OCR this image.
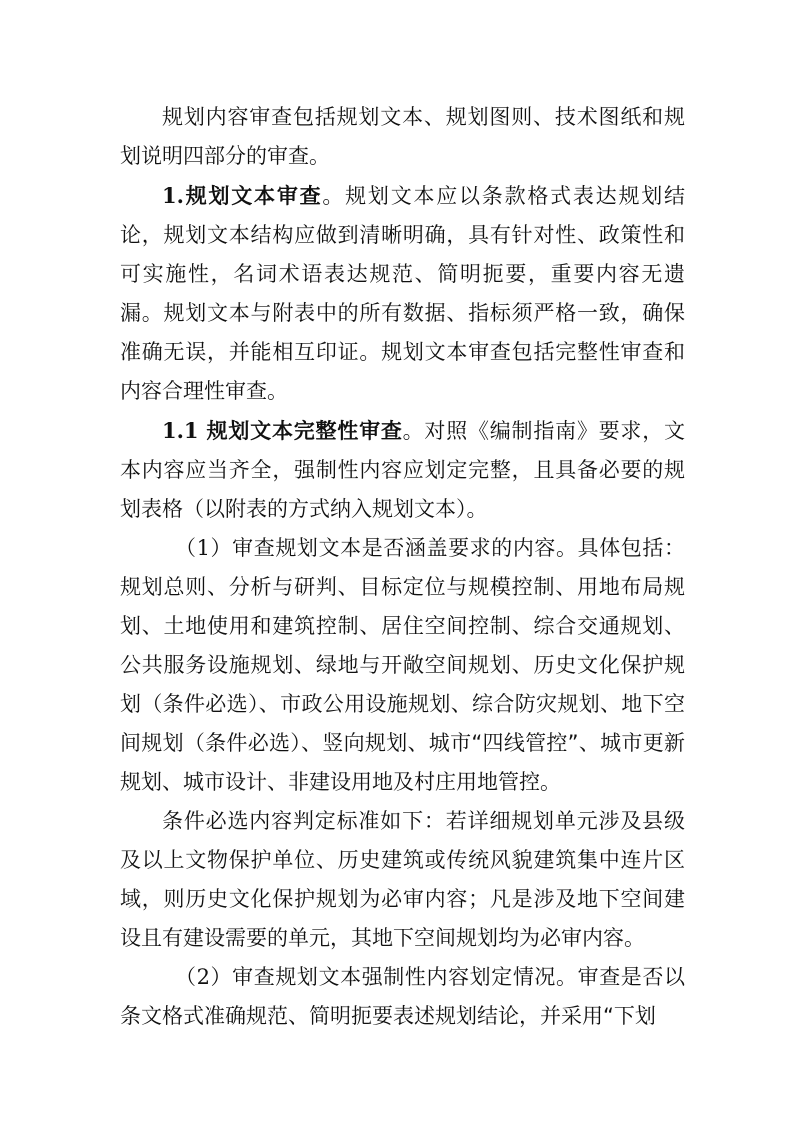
规划内容审查包括规划文本、规划图则、技术图纸和规划说明四部分的审查。

1.规划文本审查。规划文本应以条款格式表达规划结论，规划文本结构应做到清晰明确，具有针对性、政策性和可实施性，名词术语表达规范、简明扼要，重要内容无遗漏。规划文本与附表中的所有数据、指标须严格一致，确保准确无误，并能相互印证。规划文本审查包括完整性审查和内容合理性审查。

1.1 规划文本完整性审查。对照《编制指南》要求，文本内容应当齐全，强制性内容应划定完整，且具备必要的规划表格（以附表的方式纳入规划文本）。

（1）审查规划文本是否涵盖要求的内容。具体包括：规划总则、分析与研判、目标定位与规模控制、用地布局规划、土地使用和建筑控制、居住空间控制、综合交通规划、公共服务设施规划、绿地与开敞空间规划、历史文化保护规划（条件必选）、市政公用设施规划、综合防灾规划、地下空间规划（条件必选）、竖向规划、城市“四线管控”、城市更新规划、城市设计、非建设用地及村庄用地管控。

条件必选内容判定标准如下：若详细规划单元涉及县级及以上文物保护单位、历史建筑或传统风貌建筑集中连片区域，则历史文化保护规划为必审内容；凡是涉及地下空间建设且有建设需要的单元，其地下空间规划均为必审内容。

（2）审查规划文本强制性内容划定情况。审查是否以条文格式准确规范、简明扼要表述规划结论，并采用“下划
